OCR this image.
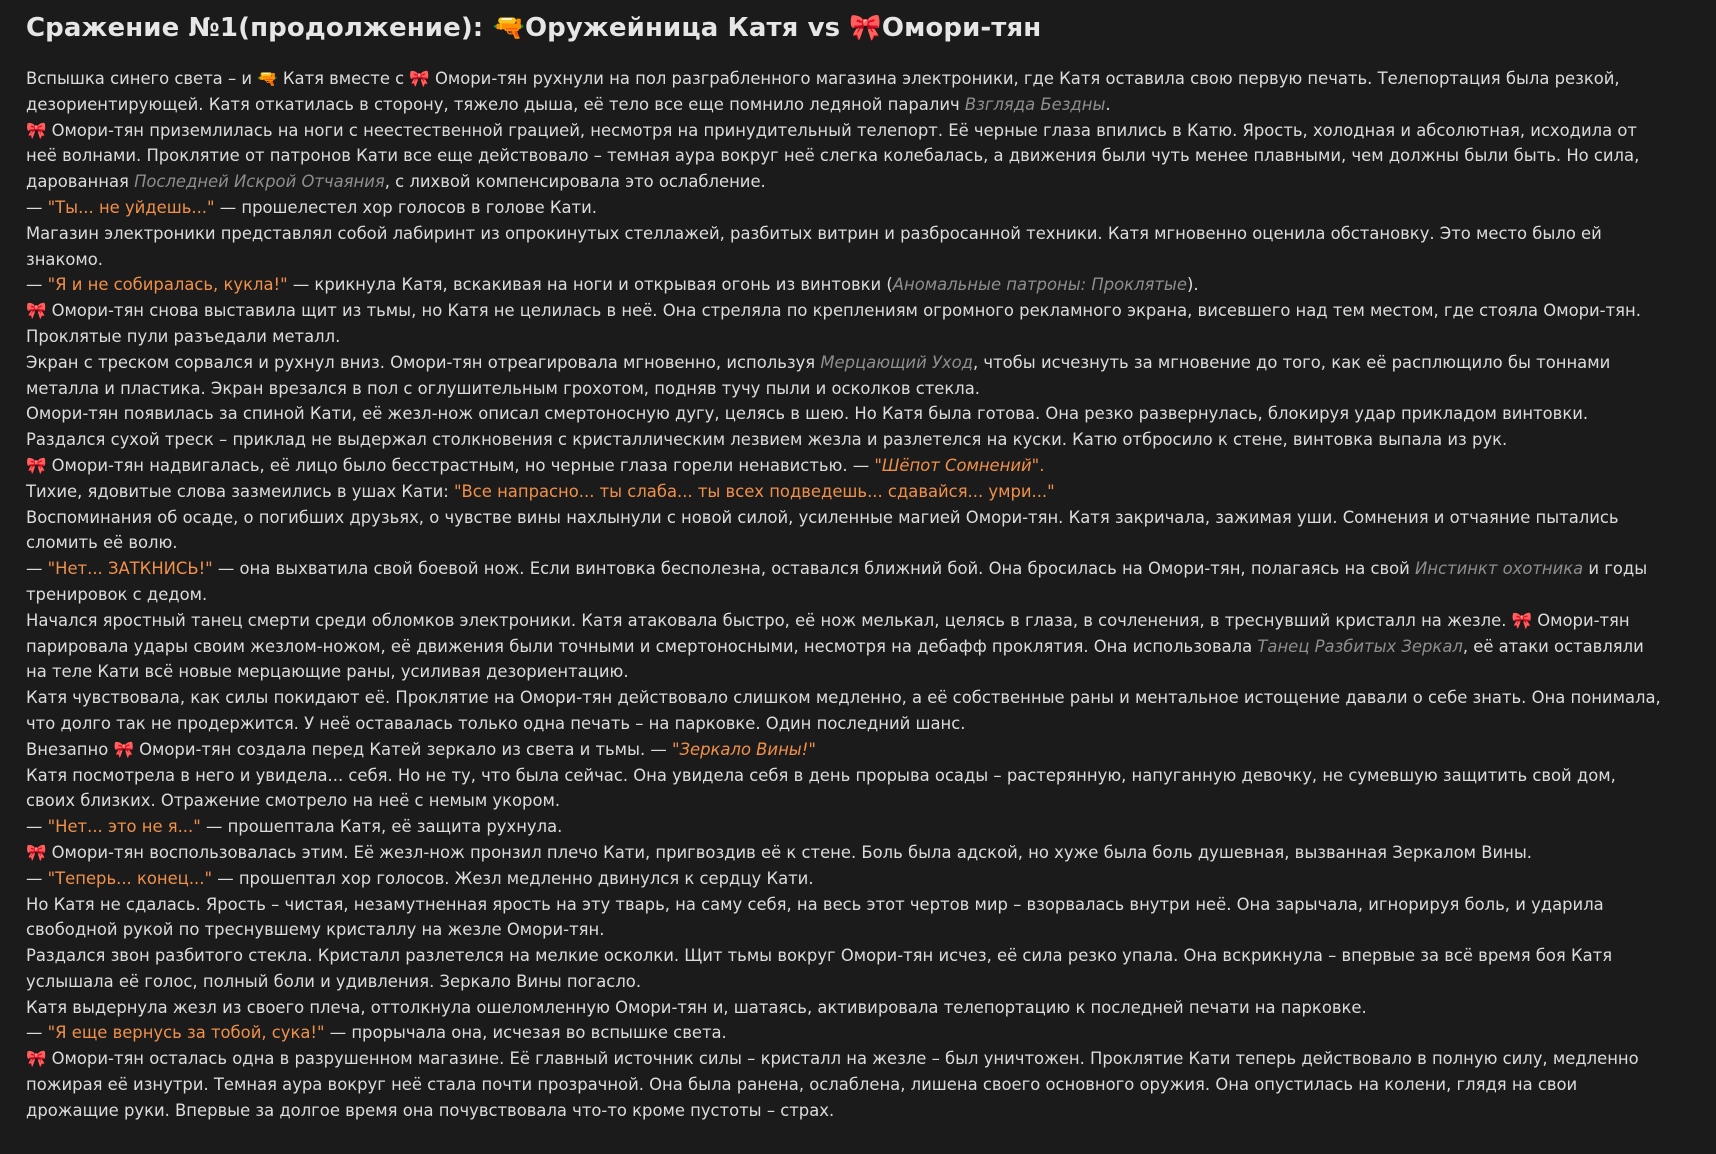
Сражение №1(продолжение): 🔫Оружейница Катя vs 🎀Омори-тян

Вспышка синего света – и 🔫 Катя вместе с 🎀 Омори-тян рухнули на пол разграбленного магазина электроники, где Катя оставила свою первую печать. Телепортация была резкой, дезориентирующей. Катя откатилась в сторону, тяжело дыша, её тело все еще помнило ледяной паралич Взгляда Бездны.

🎀 Омори-тян приземлилась на ноги с неестественной грацией, несмотря на принудительный телепорт. Её черные глаза впились в Катю. Ярость, холодная и абсолютная, исходила от неё волнами. Проклятие от патронов Кати все еще действовало – темная аура вокруг неё слегка колебалась, а движения были чуть менее плавными, чем должны были быть. Но сила, дарованная Последней Искрой Отчаяния, с лихвой компенсировала это ослабление.

— "Ты... не уйдешь..." — прошелестел хор голосов в голове Кати.

Магазин электроники представлял собой лабиринт из опрокинутых стеллажей, разбитых витрин и разбросанной техники. Катя мгновенно оценила обстановку. Это место было ей знакомо.

— "Я и не собиралась, кукла!" — крикнула Катя, вскакивая на ноги и открывая огонь из винтовки (Аномальные патроны: Проклятые).

🎀 Омори-тян снова выставила щит из тьмы, но Катя не целилась в неё. Она стреляла по креплениям огромного рекламного экрана, висевшего над тем местом, где стояла Омори-тян. Проклятые пули разъедали металл.

Экран с треском сорвался и рухнул вниз. Омори-тян отреагировала мгновенно, используя Мерцающий Уход, чтобы исчезнуть за мгновение до того, как её расплющило бы тоннами металла и пластика. Экран врезался в пол с оглушительным грохотом, подняв тучу пыли и осколков стекла.

Омори-тян появилась за спиной Кати, её жезл-нож описал смертоносную дугу, целясь в шею. Но Катя была готова. Она резко развернулась, блокируя удар прикладом винтовки. Раздался сухой треск – приклад не выдержал столкновения с кристаллическим лезвием жезла и разлетелся на куски. Катю отбросило к стене, винтовка выпала из рук.

🎀 Омори-тян надвигалась, её лицо было бесстрастным, но черные глаза горели ненавистью. — "Шёпот Сомнений".

Тихие, ядовитые слова зазмеились в ушах Кати: "Все напрасно... ты слаба... ты всех подведешь... сдавайся... умри..."

Воспоминания об осаде, о погибших друзьях, о чувстве вины нахлынули с новой силой, усиленные магией Омори-тян. Катя закричала, зажимая уши. Сомнения и отчаяние пытались сломить её волю.

— "Нет... ЗАТКНИСЬ!" — она выхватила свой боевой нож. Если винтовка бесполезна, оставался ближний бой. Она бросилась на Омори-тян, полагаясь на свой Инстинкт охотника и годы тренировок с дедом.

Начался яростный танец смерти среди обломков электроники. Катя атаковала быстро, её нож мелькал, целясь в глаза, в сочленения, в треснувший кристалл на жезле. 🎀 Омори-тян парировала удары своим жезлом-ножом, её движения были точными и смертоносными, несмотря на дебафф проклятия. Она использовала Танец Разбитых Зеркал, её атаки оставляли на теле Кати всё новые мерцающие раны, усиливая дезориентацию.

Катя чувствовала, как силы покидают её. Проклятие на Омори-тян действовало слишком медленно, а её собственные раны и ментальное истощение давали о себе знать. Она понимала, что долго так не продержится. У неё оставалась только одна печать – на парковке. Один последний шанс.

Внезапно 🎀 Омори-тян создала перед Катей зеркало из света и тьмы. — "Зеркало Вины!"

Катя посмотрела в него и увидела... себя. Но не ту, что была сейчас. Она увидела себя в день прорыва осады – растерянную, напуганную девочку, не сумевшую защитить свой дом, своих близких. Отражение смотрело на неё с немым укором.

— "Нет... это не я..." — прошептала Катя, её защита рухнула.

🎀 Омори-тян воспользовалась этим. Её жезл-нож пронзил плечо Кати, пригвоздив её к стене. Боль была адской, но хуже была боль душевная, вызванная Зеркалом Вины.

— "Теперь... конец..." — прошептал хор голосов. Жезл медленно двинулся к сердцу Кати.

Но Катя не сдалась. Ярость – чистая, незамутненная ярость на эту тварь, на саму себя, на весь этот чертов мир – взорвалась внутри неё. Она зарычала, игнорируя боль, и ударила свободной рукой по треснувшему кристаллу на жезле Омори-тян.

Раздался звон разбитого стекла. Кристалл разлетелся на мелкие осколки. Щит тьмы вокруг Омори-тян исчез, её сила резко упала. Она вскрикнула – впервые за всё время боя Катя услышала её голос, полный боли и удивления. Зеркало Вины погасло.

Катя выдернула жезл из своего плеча, оттолкнула ошеломленную Омори-тян и, шатаясь, активировала телепортацию к последней печати на парковке.

— "Я еще вернусь за тобой, сука!" — прорычала она, исчезая во вспышке света.

🎀 Омори-тян осталась одна в разрушенном магазине. Её главный источник силы – кристалл на жезле – был уничтожен. Проклятие Кати теперь действовало в полную силу, медленно пожирая её изнутри. Темная аура вокруг неё стала почти прозрачной. Она была ранена, ослаблена, лишена своего основного оружия. Она опустилась на колени, глядя на свои дрожащие руки. Впервые за долгое время она почувствовала что-то кроме пустоты – страх.
